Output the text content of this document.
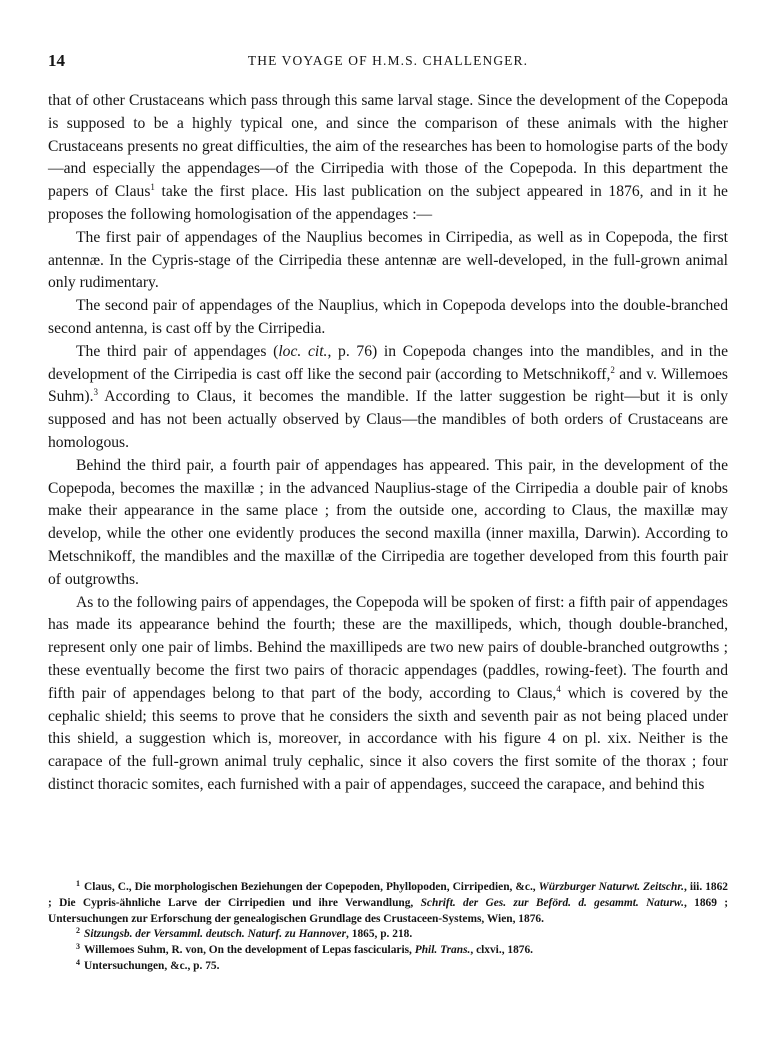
14	THE VOYAGE OF H.M.S. CHALLENGER.

that of other Crustaceans which pass through this same larval stage. Since the development of the Copepoda is supposed to be a highly typical one, and since the comparison of these animals with the higher Crustaceans presents no great difficulties, the aim of the researches has been to homologise parts of the body—and especially the appendages—of the Cirripedia with those of the Copepoda. In this department the papers of Claus$^1$ take the first place. His last publication on the subject appeared in 1876, and in it he proposes the following homologisation of the appendages :—

The first pair of appendages of the Nauplius becomes in Cirripedia, as well as in Copepoda, the first antennæ. In the Cypris-stage of the Cirripedia these antennæ are well-developed, in the full-grown animal only rudimentary.

The second pair of appendages of the Nauplius, which in Copepoda develops into the double-branched second antenna, is cast off by the Cirripedia.

The third pair of appendages (loc. cit., p. 76) in Copepoda changes into the mandibles, and in the development of the Cirripedia is cast off like the second pair (according to Metschnikoff,$^2$ and v. Willemoes Suhm).$^3$ According to Claus, it becomes the mandible. If the latter suggestion be right—but it is only supposed and has not been actually observed by Claus—the mandibles of both orders of Crustaceans are homologous.

Behind the third pair, a fourth pair of appendages has appeared. This pair, in the development of the Copepoda, becomes the maxillæ ; in the advanced Nauplius-stage of the Cirripedia a double pair of knobs make their appearance in the same place ; from the outside one, according to Claus, the maxillæ may develop, while the other one evidently produces the second maxilla (inner maxilla, Darwin). According to Metschnikoff, the mandibles and the maxillæ of the Cirripedia are together developed from this fourth pair of outgrowths.

As to the following pairs of appendages, the Copepoda will be spoken of first: a fifth pair of appendages has made its appearance behind the fourth; these are the maxillipeds, which, though double-branched, represent only one pair of limbs. Behind the maxillipeds are two new pairs of double-branched outgrowths ; these eventually become the first two pairs of thoracic appendages (paddles, rowing-feet). The fourth and fifth pair of appendages belong to that part of the body, according to Claus,$^4$ which is covered by the cephalic shield; this seems to prove that he considers the sixth and seventh pair as not being placed under this shield, a suggestion which is, moreover, in accordance with his figure 4 on pl. xix. Neither is the carapace of the full-grown animal truly cephalic, since it also covers the first somite of the thorax ; four distinct thoracic somites, each furnished with a pair of appendages, succeed the carapace, and behind this

$^1$ Claus, C., Die morphologischen Beziehungen der Copepoden, Phyllopoden, Cirripedien, &c., Würzburger Naturwt. Zeitschr., iii. 1862 ; Die Cypris-ähnliche Larve der Cirripedien und ihre Verwandlung, Schrift. der Ges. zur Beförd. d. gesammt. Naturw., 1869 ; Untersuchungen zur Erforschung der genealogischen Grundlage des Crustaceen-Systems, Wien, 1876.

$^2$ Sitzungsb. der Versamml. deutsch. Naturf. zu Hannover, 1865, p. 218.

$^3$ Willemoes Suhm, R. von, On the development of Lepas fascicularis, Phil. Trans., clxvi., 1876.

$^4$ Untersuchungen, &c., p. 75.
